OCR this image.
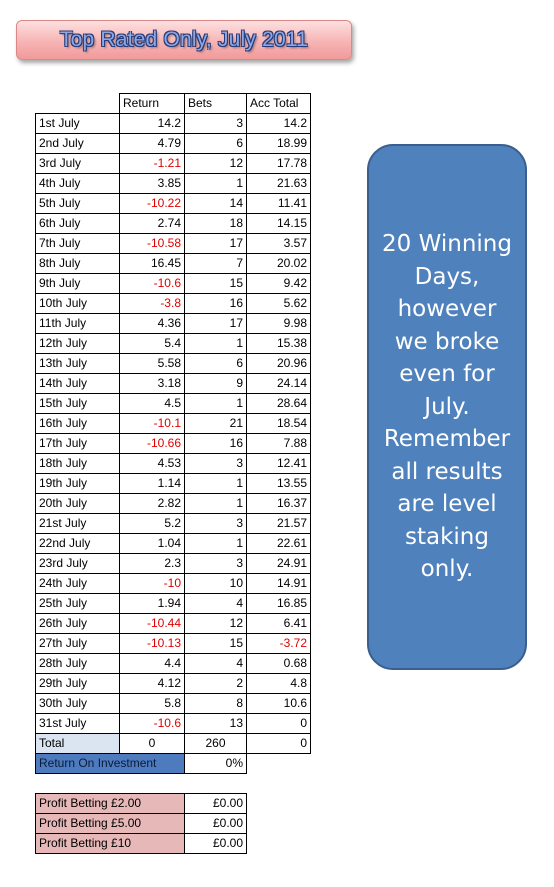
Top Rated Only, July 2011
	Return	Bets	Acc Total
1st July	14.2	3	14.2
2nd July	4.79	6	18.99
3rd July	-1.21	12	17.78
4th July	3.85	1	21.63
5th July	-10.22	14	11.41
6th July	2.74	18	14.15
7th July	-10.58	17	3.57
8th July	16.45	7	20.02
9th July	-10.6	15	9.42
10th July	-3.8	16	5.62
11th July	4.36	17	9.98
12th July	5.4	1	15.38
13th July	5.58	6	20.96
14th July	3.18	9	24.14
15th July	4.5	1	28.64
16th July	-10.1	21	18.54
17th July	-10.66	16	7.88
18th July	4.53	3	12.41
19th July	1.14	1	13.55
20th July	2.82	1	16.37
21st July	5.2	3	21.57
22nd July	1.04	1	22.61
23rd July	2.3	3	24.91
24th July	-10	10	14.91
25th July	1.94	4	16.85
26th July	-10.44	12	6.41
27th July	-10.13	15	-3.72
28th July	4.4	4	0.68
29th July	4.12	2	4.8
30th July	5.8	8	10.6
31st July	-10.6	13	0
Total	0	260	0
Return On Investment		0%	

Profit Betting £2.00		£0.00	
Profit Betting £5.00		£0.00	
Profit Betting £10		£0.00	
20 Winning
Days,
however
we broke
even for
July.
Remember
all results
are level
staking
only.
